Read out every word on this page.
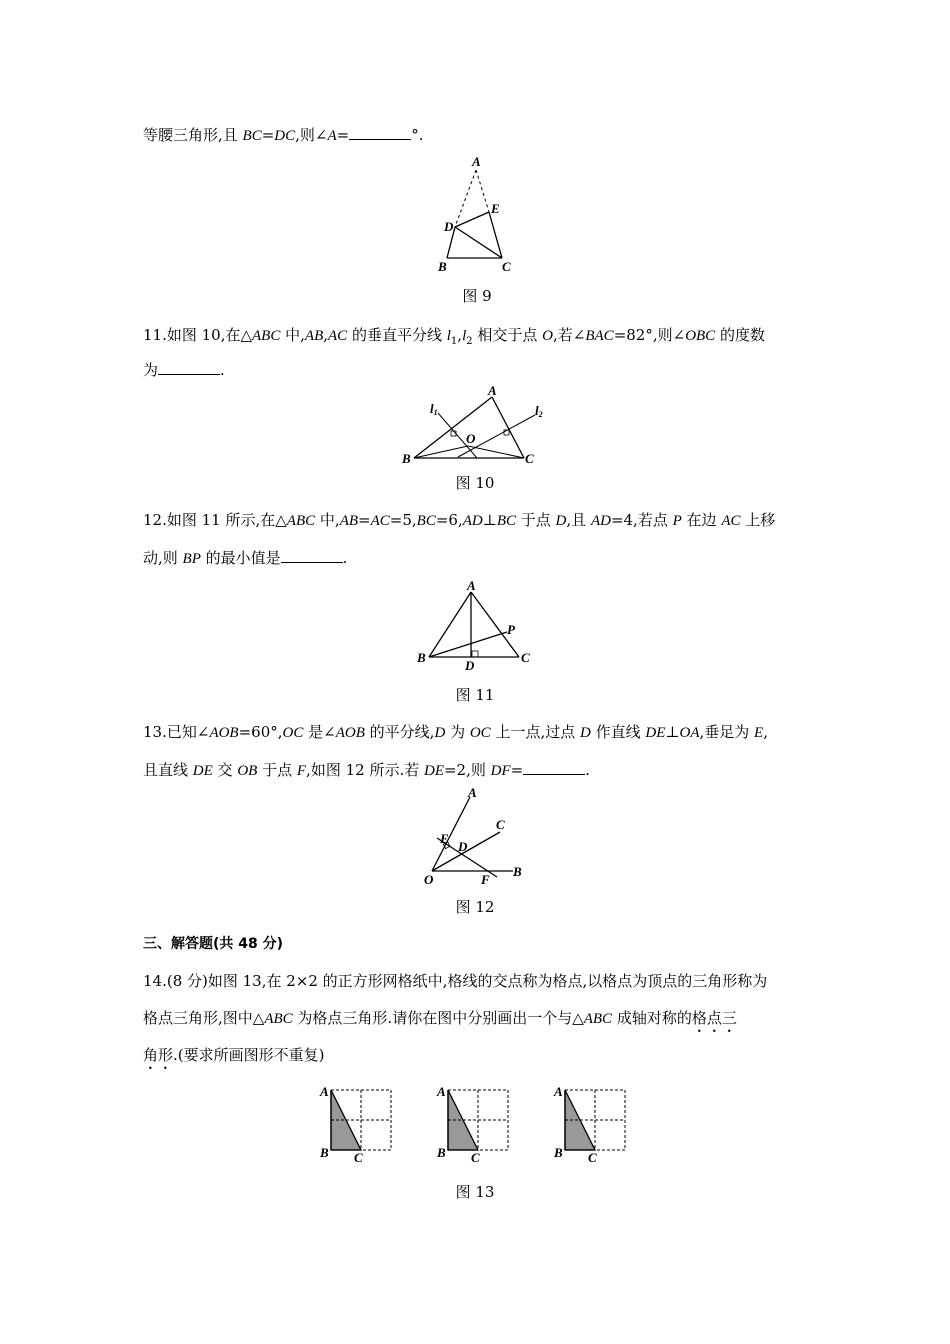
等腰三角形,且 BC=DC,则∠A=	°.
A
D
E
B	C
图 9
11.如图 10,在△ABC 中,AB,AC 的垂直平分线 $l_1,l_2$ 相交于点 O,若∠BAC=82°,则∠OBC 的度数
为	.
A
B	C
O
l1	l2
图 10
12.如图 11 所示,在△ABC 中,AB=AC=5,BC=6,AD⊥BC 于点 D,且 AD=4,若点 P 在边 AC 上移
动,则 BP 的最小值是	.
A
B	C
D
P
图 11
13.已知∠AOB=60°,OC 是∠AOB 的平分线,D 为 OC 上一点,过点 D 作直线 DE⊥OA,垂足为 E,
且直线 DE 交 OB 于点 F,如图 12 所示.若 DE=2,则 DF=	.
A
C
E
D
O	F
B
图 12
三、解答题(共 48 分)
14.(8 分)如图 13,在 2×2 的正方形网格纸中,格线的交点称为格点,以格点为顶点的三角形称为
格点三角形,图中△ABC 为格点三角形.请你在图中分别画出一个与△ABC 成轴对称的格点三
角形.(要求所画图形不重复)
A
B C
A
B C
A
B C
图 13
